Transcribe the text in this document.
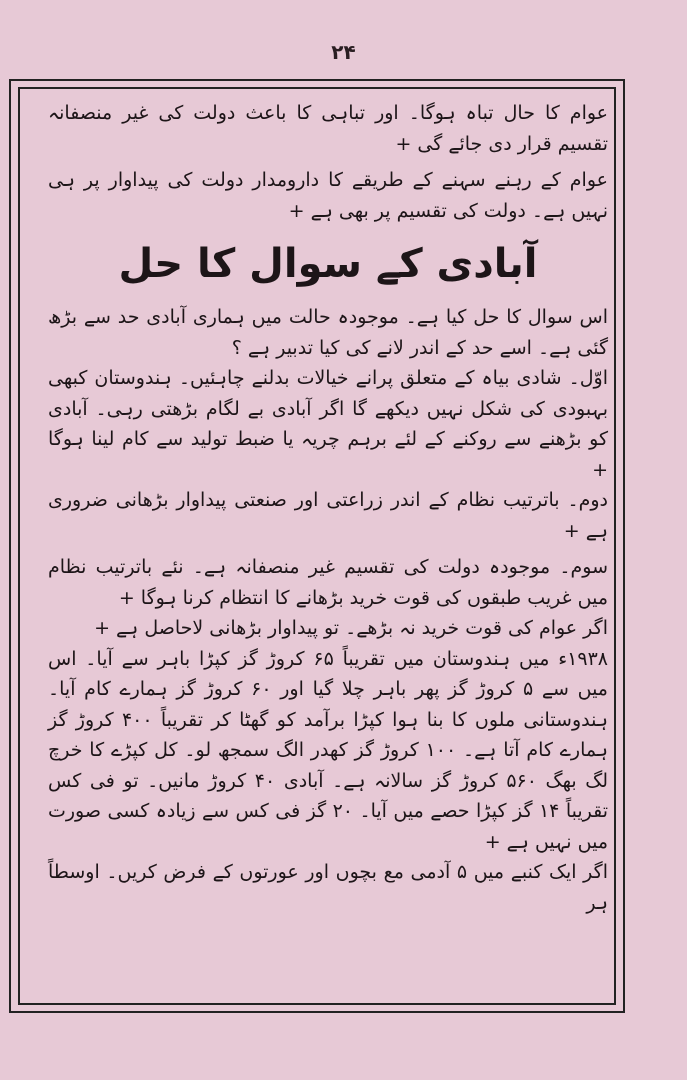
۲۴

عوام کا حال تباہ ہوگا۔ اور تباہی کا باعث دولت کی غیر منصفانہ تقسیم قرار دی جائے گی +

عوام کے رہنے سہنے کے طریقے کا دارومدار دولت کی پیداوار پر ہی نہیں ہے۔ دولت کی تقسیم پر بھی ہے +

آبادی کے سوال کا حل

اس سوال کا حل کیا ہے۔ موجودہ حالت میں ہماری آبادی حد سے بڑھ گئی ہے۔ اسے حد کے اندر لانے کی کیا تدبیر ہے ؟

اوّل۔ شادی بیاہ کے متعلق پرانے خیالات بدلنے چاہئیں۔ ہندوستان کبھی بہبودی کی شکل نہیں دیکھے گا اگر آبادی بے لگام بڑھتی رہی۔ آبادی کو بڑھنے سے روکنے کے لئے برہم چریہ یا ضبط تولید سے کام لینا ہوگا +

دوم۔ باترتیب نظام کے اندر زراعتی اور صنعتی پیداوار بڑھانی ضروری ہے +

سوم۔ موجودہ دولت کی تقسیم غیر منصفانہ ہے۔ نئے باترتیب نظام میں غریب طبقوں کی قوت خرید بڑھانے کا انتظام کرنا ہوگا +

اگر عوام کی قوت خرید نہ بڑھے۔ تو پیداوار بڑھانی لاحاصل ہے +

۱۹۳۸ء میں ہندوستان میں تقریباً ۶۵ کروڑ گز کپڑا باہر سے آیا۔ اس میں سے ۵ کروڑ گز پھر باہر چلا گیا اور ۶۰ کروڑ گز ہمارے کام آیا۔ ہندوستانی ملوں کا بنا ہوا کپڑا برآمد کو گھٹا کر تقریباً ۴۰۰ کروڑ گز ہمارے کام آتا ہے۔ ۱۰۰ کروڑ گز کھدر الگ سمجھ لو۔ کل کپڑے کا خرچ لگ بھگ ۵۶۰ کروڑ گز سالانہ ہے۔ آبادی ۴۰ کروڑ مانیں۔ تو فی کس تقریباً ۱۴ گز کپڑا حصے میں آیا۔ ۲۰ گز فی کس سے زیادہ کسی صورت میں نہیں ہے +

اگر ایک کنبے میں ۵ آدمی مع بچوں اور عورتوں کے فرض کریں۔ اوسطاً ہر
